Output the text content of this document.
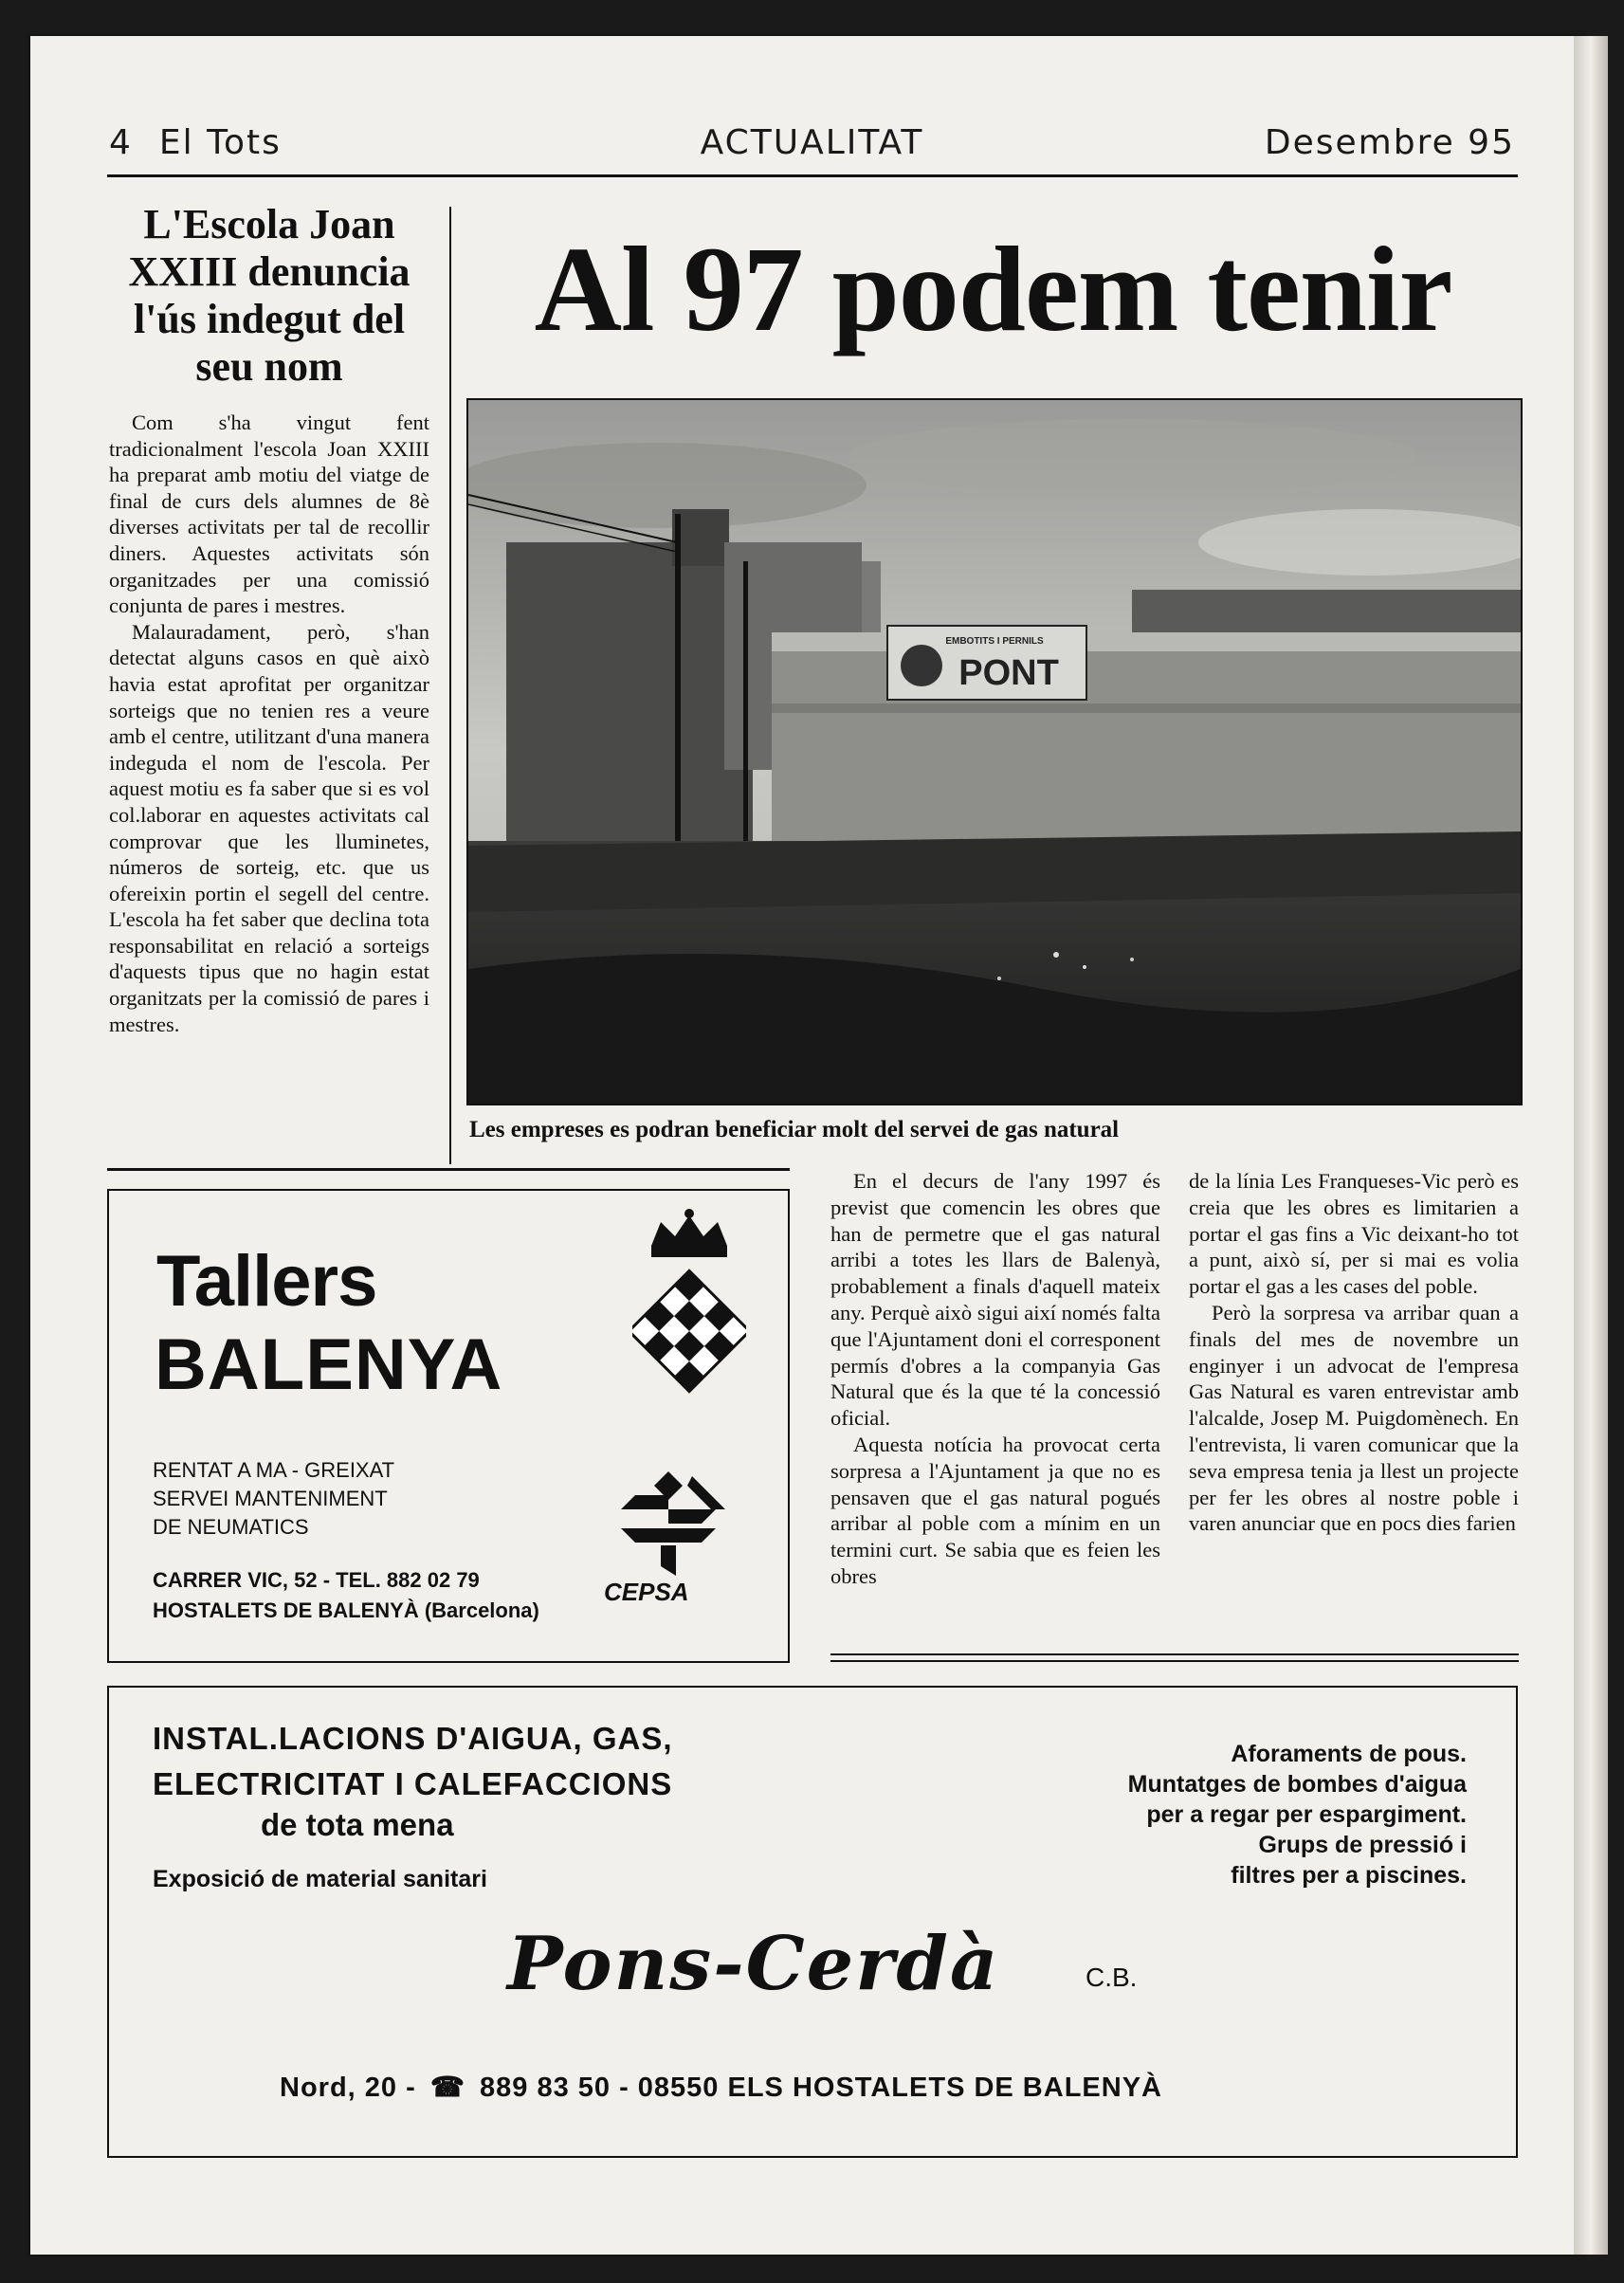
4 El Tots	ACTUALITAT	Desembre 95
L'Escola Joan XXIII denuncia l'ús indegut del seu nom

Com s'ha vingut fent tradicionalment l'escola Joan XXIII ha preparat amb motiu del viatge de final de curs dels alumnes de 8è diverses activitats per tal de recollir diners. Aquestes activitats són organitzades per una comissió conjunta de pares i mestres.

Malauradament, però, s'han detectat alguns casos en què això havia estat aprofitat per organitzar sorteigs que no tenien res a veure amb el centre, utilitzant d'una manera indeguda el nom de l'escola. Per aquest motiu es fa saber que si es vol col.laborar en aquestes activitats cal comprovar que les lluminetes, números de sorteig, etc. que us ofereixin portin el segell del centre. L'escola ha fet saber que declina tota responsabilitat en relació a sorteigs d'aquests tipus que no hagin estat organitzats per la comissió de pares i mestres.

Al 97 podem tenir
EMBOTITS I PERNILS
PONT
Les empreses es podran beneficiar molt del servei de gas natural

En el decurs de l'any 1997 és previst que comencin les obres que han de permetre que el gas natural arribi a totes les llars de Balenyà, probablement a finals d'aquell mateix any. Perquè això sigui així només falta que l'Ajuntament doni el corresponent permís d'obres a la companyia Gas Natural que és la que té la concessió oficial.

Aquesta notícia ha provocat certa sorpresa a l'Ajuntament ja que no es pensaven que el gas natural pogués arribar al poble com a mínim en un termini curt. Se sabia que es feien les obres

de la línia Les Franqueses-Vic però es creia que les obres es limitarien a portar el gas fins a Vic deixant-ho tot a punt, això sí, per si mai es volia portar el gas a les cases del poble.

Però la sorpresa va arribar quan a finals del mes de novembre un enginyer i un advocat de l'empresa Gas Natural es varen entrevistar amb l'alcalde, Josep M. Puigdomènech. En l'entrevista, li varen comunicar que la seva empresa tenia ja llest un projecte per fer les obres al nostre poble i varen anunciar que en pocs dies farien

Tallers
BALENYA
RENTAT A MA - GREIXAT
SERVEI MANTENIMENT
DE NEUMATICS
CEPSA
CARRER VIC, 52 - TEL. 882 02 79
HOSTALETS DE BALENYÀ (Barcelona)
INSTAL.LACIONS D'AIGUA, GAS,
ELECTRICITAT I CALEFACCIONS
de tota mena
Exposició de material sanitari
Aforaments de pous.
Muntatges de bombes d'aigua
per a regar per espargiment.
Grups de pressió i
filtres per a piscines.
Pons-Cerdà	C.B.
Nord, 20 - ☎ 889 83 50 - 08550 ELS HOSTALETS DE BALENYÀ
